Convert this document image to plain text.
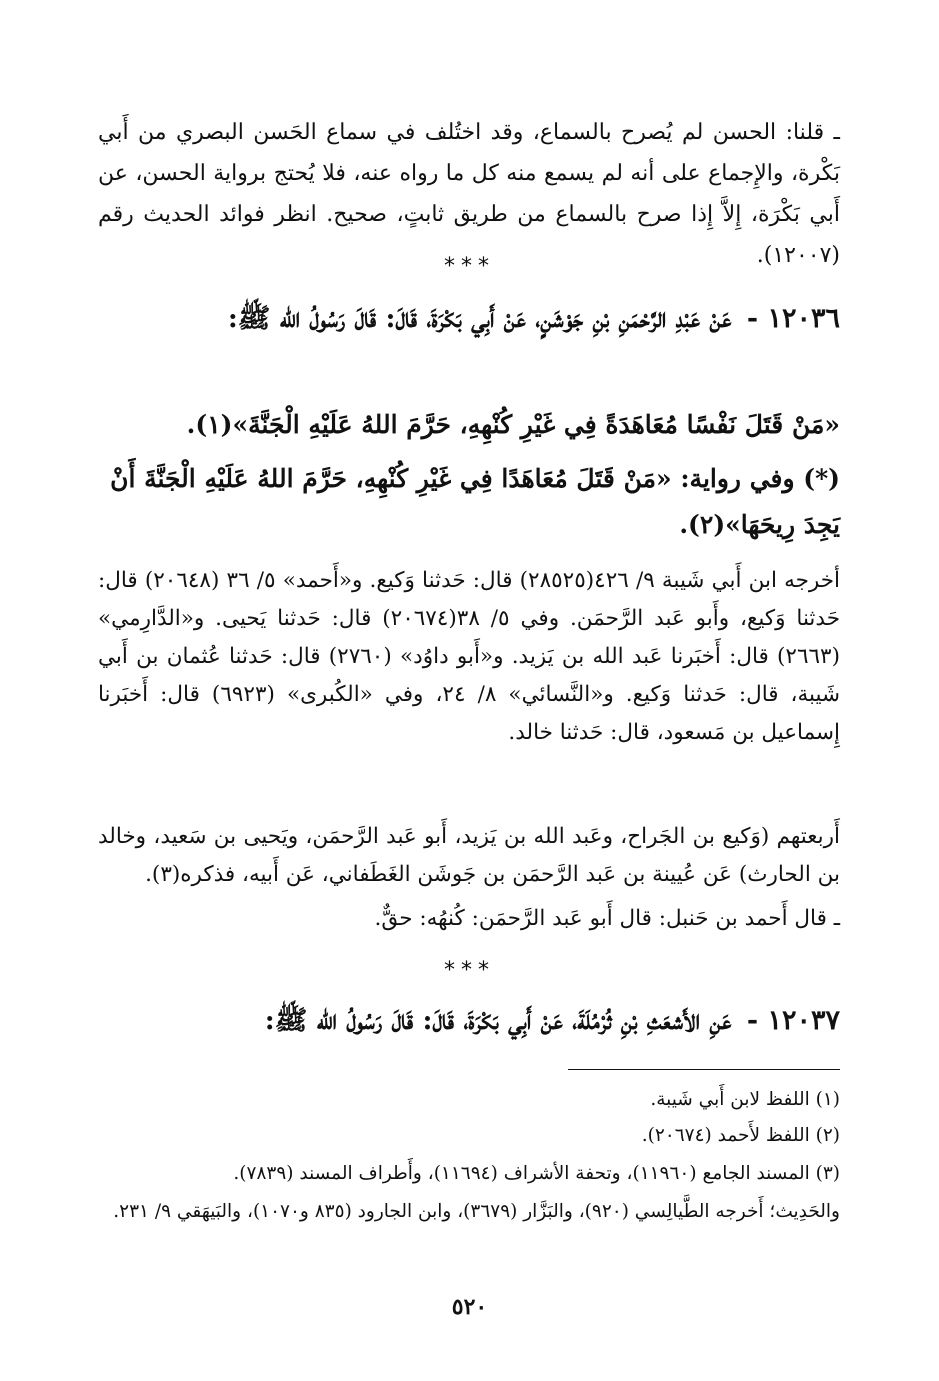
ـ قلنا: الحسن لم يُصرح بالسماع، وقد اختُلف في سماع الحَسن البصري من أَبي بَكْرة، والإِجماع على أنه لم يسمع منه كل ما رواه عنه، فلا يُحتج برواية الحسن، عن أَبي بَكْرَة، إِلاَّ إِذا صرح بالسماع من طريق ثابتٍ، صحيح. انظر فوائد الحديث رقم (١٢٠٠٧).
***
١٢٠٣٦ - عَنْ عَبْدِ الرَّحْمَنِ بْنِ جَوْشَنٍ، عَنْ أَبِي بَكْرَةَ، قَالَ: قَالَ رَسُولُ الله ﷺ:
«مَنْ قَتَلَ نَفْسًا مُعَاهَدَةً فِي غَيْرِ كُنْهِهِ، حَرَّمَ اللهُ عَلَيْهِ الْجَنَّةَ»(١).
(*) وفي رواية: «مَنْ قَتَلَ مُعَاهَدًا فِي غَيْرِ كُنْهِهِ، حَرَّمَ اللهُ عَلَيْهِ الْجَنَّةَ أَنْ يَجِدَ رِيحَهَا»(٢).
أخرجه ابن أَبي شَيبة ٩/ ٤٢٦(٢٨٥٢٥) قال: حَدثنا وَكيع. و«أَحمد» ٥/ ٣٦ (٢٠٦٤٨) قال: حَدثنا وَكيع، وأَبو عَبد الرَّحمَن. وفي ٥/ ٣٨(٢٠٦٧٤) قال: حَدثنا يَحيى. و«الدَّارِمي» (٢٦٦٣) قال: أَخبَرنا عَبد الله بن يَزيد. و«أَبو داوُد» (٢٧٦٠) قال: حَدثنا عُثمان بن أَبي شَيبة، قال: حَدثنا وَكيع. و«النَّسائي» ٨/ ٢٤، وفي «الكُبرى» (٦٩٢٣) قال: أَخبَرنا إِسماعيل بن مَسعود، قال: حَدثنا خالد.
أَربعتهم (وَكيع بن الجَراح، وعَبد الله بن يَزيد، أَبو عَبد الرَّحمَن، ويَحيى بن سَعيد، وخالد بن الحارث) عَن عُيينة بن عَبد الرَّحمَن بن جَوشَن الغَطَفاني، عَن أَبيه، فذكره(٣).
ـ قال أَحمد بن حَنبل: قال أَبو عَبد الرَّحمَن: كُنهُه: حقٌّ.
***
١٢٠٣٧ - عَنِ الأَشعَثِ بْنِ ثُرْمُلَةَ، عَنْ أَبِي بَكْرَةَ، قَالَ: قَالَ رَسُولُ الله ﷺ:
(١) اللفظ لابن أَبي شَيبة.
(٢) اللفظ لأَحمد (٢٠٦٧٤).
(٣) المسند الجامع (١١٩٦٠)، وتحفة الأشراف (١١٦٩٤)، وأَطراف المسند (٧٨٣٩).
والحَدِيث؛ أَخرجه الطَّيالِسي (٩٢٠)، والبَزَّار (٣٦٧٩)، وابن الجارود (٨٣٥ و١٠٧٠)، والبَيهَقي ٩/ ٢٣١.
٥٢٠
